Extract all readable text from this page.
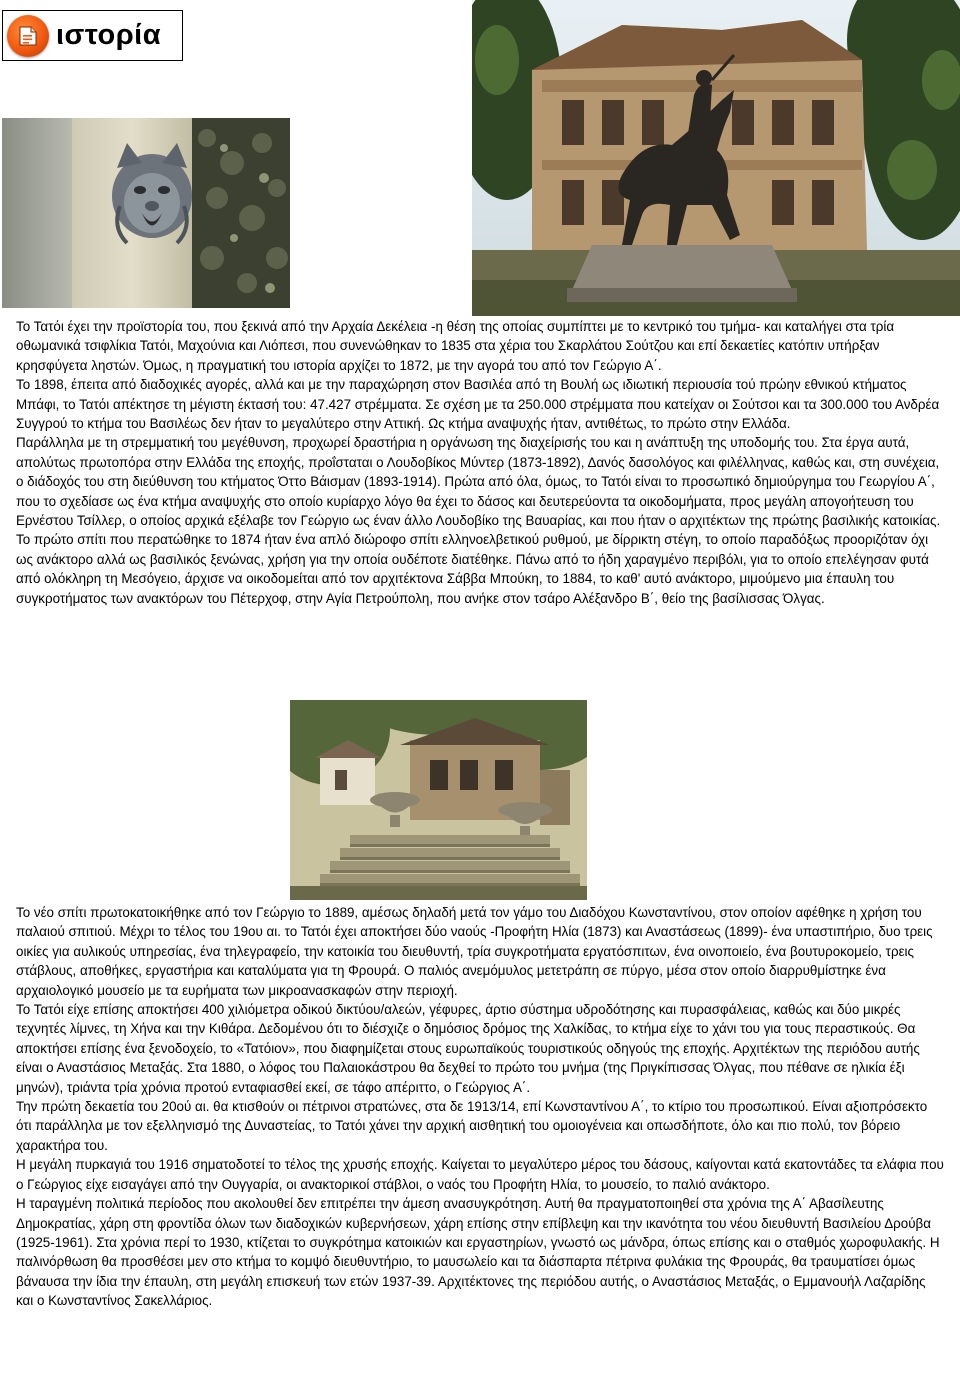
ιστορία

Το Τατόι έχει την προϊστορία του, που ξεκινά από την Αρχαία Δεκέλεια -η θέση της οποίας συμπίπτει με το κεντρικό του τμήμα- και καταλήγει στα τρία οθωμανικά τσιφλίκια Τατόι, Μαχούνια και Λιόπεσι, που συνενώθηκαν το 1835 στα χέρια του Σκαρλάτου Σούτζου και επί δεκαετίες κατόπιν υπήρξαν κρησφύγετα ληστών. Όμως, η πραγματική του ιστορία αρχίζει το 1872, με την αγορά του από τον Γεώργιο Α΄.

Το 1898, έπειτα από διαδοχικές αγορές, αλλά και με την παραχώρηση στον Βασιλέα από τη Βουλή ως ιδιωτική περιουσία τού πρώην εθνικού κτήματος Μπάφι, το Τατόι απέκτησε τη μέγιστη έκτασή του: 47.427 στρέμματα. Σε σχέση με τα 250.000 στρέμματα που κατείχαν οι Σούτσοι και τα 300.000 του Ανδρέα Συγγρού το κτήμα του Βασιλέως δεν ήταν το μεγαλύτερο στην Αττική. Ως κτήμα αναψυχής ήταν, αντιθέτως, το πρώτο στην Ελλάδα.

Παράλληλα με τη στρεμματική του μεγέθυνση, προχωρεί δραστήρια η οργάνωση της διαχείρισής του και η ανάπτυξη της υποδομής του. Στα έργα αυτά, απολύτως πρωτοπόρα στην Ελλάδα της εποχής, προΐσταται ο Λουδοβίκος Μύντερ (1873-1892), Δανός δασολόγος και φιλέλληνας, καθώς και, στη συνέχεια, ο διάδοχός του στη διεύθυνση του κτήματος Όττο Βάισμαν (1893-1914). Πρώτα από όλα, όμως, το Τατόι είναι το προσωπικό δημιούργημα του Γεωργίου Α΄, που το σχεδίασε ως ένα κτήμα αναψυχής στο οποίο κυρίαρχο λόγο θα έχει το δάσος και δευτερεύοντα τα οικοδομήματα, προς μεγάλη απογοήτευση του Ερνέστου Τσίλλερ, ο οποίος αρχικά εξέλαβε τον Γεώργιο ως έναν άλλο Λουδοβίκο της Βαυαρίας, και που ήταν ο αρχιτέκτων της πρώτης βασιλικής κατοικίας.

Το πρώτο σπίτι που περατώθηκε το 1874 ήταν ένα απλό διώροφο σπίτι ελληνοελβετικού ρυθμού, με δίρρικτη στέγη, το οποίο παραδόξως προοριζόταν όχι ως ανάκτορο αλλά ως βασιλικός ξενώνας, χρήση για την οποία ουδέποτε διατέθηκε. Πάνω από το ήδη χαραγμένο περιβόλι, για το οποίο επελέγησαν φυτά από ολόκληρη τη Μεσόγειο, άρχισε να οικοδομείται από τον αρχιτέκτονα Σάββα Μπούκη, το 1884, το καθ' αυτό ανάκτορο, μιμούμενο μια έπαυλη του συγκροτήματος των ανακτόρων του Πέτερχοφ, στην Αγία Πετρούπολη, που ανήκε στον τσάρο Αλέξανδρο Β΄, θείο της βασίλισσας Όλγας.

Το νέο σπίτι πρωτοκατοικήθηκε από τον Γεώργιο το 1889, αμέσως δηλαδή μετά τον γάμο του Διαδόχου Κωνσταντίνου, στον οποίον αφέθηκε η χρήση του παλαιού σπιτιού. Μέχρι το τέλος του 19ου αι. το Τατόι έχει αποκτήσει δύο ναούς -Προφήτη Ηλία (1873) και Αναστάσεως (1899)- ένα υπαστιπήριο, δυο τρεις οικίες για αυλικούς υπηρεσίας, ένα τηλεγραφείο, την κατοικία του διευθυντή, τρία συγκροτήματα εργατόσπιτων, ένα οινοποιείο, ένα βουτυροκομείο, τρεις στάβλους, αποθήκες, εργαστήρια και καταλύματα για τη Φρουρά. Ο παλιός ανεμόμυλος μετετράπη σε πύργο, μέσα στον οποίο διαρρυθμίστηκε ένα αρχαιολογικό μουσείο με τα ευρήματα των μικροανασκαφών στην περιοχή.

Το Τατόι είχε επίσης αποκτήσει 400 χιλιόμετρα οδικού δικτύου/αλεών, γέφυρες, άρτιο σύστημα υδροδότησης και πυρασφάλειας, καθώς και δύο μικρές τεχνητές λίμνες, τη Χήνα και την Κιθάρα. Δεδομένου ότι το διέσχιζε ο δημόσιος δρόμος της Χαλκίδας, το κτήμα είχε το χάνι του για τους περαστικούς. Θα αποκτήσει επίσης ένα ξενοδοχείο, το «Τατόιον», που διαφημίζεται στους ευρωπαϊκούς τουριστικούς οδηγούς της εποχής. Αρχιτέκτων της περιόδου αυτής είναι ο Αναστάσιος Μεταξάς. Στα 1880, ο λόφος του Παλαιοκάστρου θα δεχθεί το πρώτο του μνήμα (της Πριγκίπισσας Όλγας, που πέθανε σε ηλικία έξι μηνών), τριάντα τρία χρόνια προτού ενταφιασθεί εκεί, σε τάφο απέριττο, ο Γεώργιος Α΄.

Την πρώτη δεκαετία του 20ού αι. θα κτισθούν οι πέτρινοι στρατώνες, στα δε 1913/14, επί Κωνσταντίνου Α΄, το κτίριο του προσωπικού. Είναι αξιοπρόσεκτο ότι παράλληλα με τον εξελληνισμό της Δυναστείας, το Τατόι χάνει την αρχική αισθητική του ομοιογένεια και οπωσδήποτε, όλο και πιο πολύ, τον βόρειο χαρακτήρα του.

Η μεγάλη πυρκαγιά του 1916 σηματοδοτεί το τέλος της χρυσής εποχής. Καίγεται το μεγαλύτερο μέρος του δάσους, καίγονται κατά εκατοντάδες τα ελάφια που ο Γεώργιος είχε εισαγάγει από την Ουγγαρία, οι ανακτορικοί στάβλοι, ο ναός του Προφήτη Ηλία, το μουσείο, το παλιό ανάκτορο.

Η ταραγμένη πολιτικά περίοδος που ακολουθεί δεν επιτρέπει την άμεση ανασυγκρότηση. Αυτή θα πραγματοποιηθεί στα χρόνια της Α΄ Αβασίλευτης Δημοκρατίας, χάρη στη φροντίδα όλων των διαδοχικών κυβερνήσεων, χάρη επίσης στην επίβλεψη και την ικανότητα του νέου διευθυντή Βασιλείου Δρούβα (1925-1961). Στα χρόνια περί το 1930, κτίζεται το συγκρότημα κατοικιών και εργαστηρίων, γνωστό ως μάνδρα, όπως επίσης και ο σταθμός χωροφυλακής. Η παλινόρθωση θα προσθέσει μεν στο κτήμα το κομψό διευθυντήριο, το μαυσωλείο και τα διάσπαρτα πέτρινα φυλάκια της Φρουράς, θα τραυματίσει όμως βάναυσα την ίδια την έπαυλη, στη μεγάλη επισκευή των ετών 1937-39. Αρχιτέκτονες της περιόδου αυτής, ο Αναστάσιος Μεταξάς, ο Εμμανουήλ Λαζαρίδης και ο Κωνσταντίνος Σακελλάριος.
